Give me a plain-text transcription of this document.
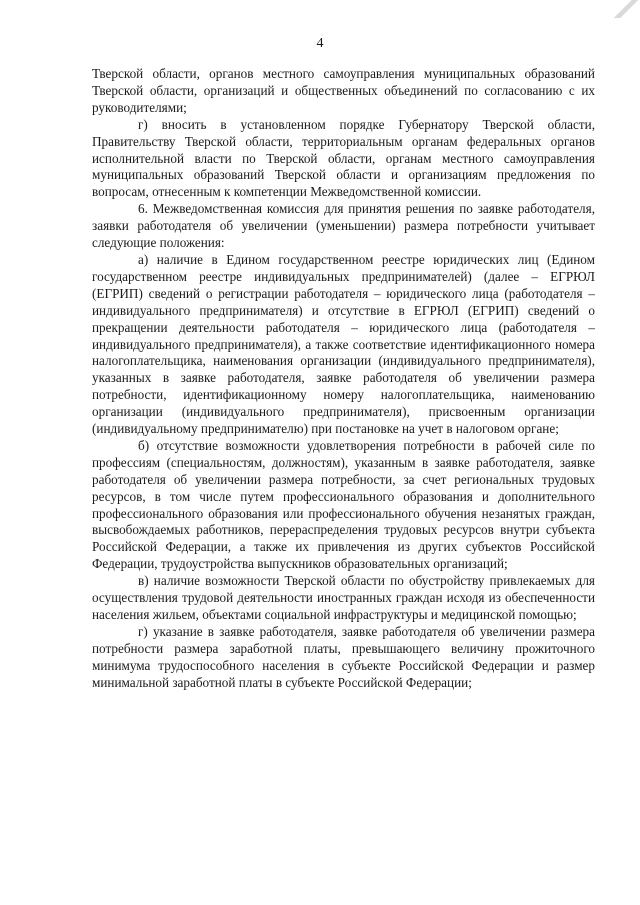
4

Тверской области, органов местного самоуправления муниципальных образований Тверской области, организаций и общественных объединений по согласованию с их руководителями;

г) вносить в установленном порядке Губернатору Тверской области, Правительству Тверской области, территориальным органам федеральных органов исполнительной власти по Тверской области, органам местного самоуправления муниципальных образований Тверской области и организациям предложения по вопросам, отнесенным к компетенции Межведомственной комиссии.

6. Межведомственная комиссия для принятия решения по заявке работодателя, заявки работодателя об увеличении (уменьшении) размера потребности учитывает следующие положения:

а) наличие в Едином государственном реестре юридических лиц (Едином государственном реестре индивидуальных предпринимателей) (далее – ЕГРЮЛ (ЕГРИП) сведений о регистрации работодателя – юридического лица (работодателя – индивидуального предпринимателя) и отсутствие в ЕГРЮЛ (ЕГРИП) сведений о прекращении деятельности работодателя – юридического лица (работодателя – индивидуального предпринимателя), а также соответствие идентификационного номера налогоплательщика, наименования организации (индивидуального предпринимателя), указанных в заявке работодателя, заявке работодателя об увеличении размера потребности, идентификационному номеру налогоплательщика, наименованию организации (индивидуального предпринимателя), присвоенным организации (индивидуальному предпринимателю) при постановке на учет в налоговом органе;

б) отсутствие возможности удовлетворения потребности в рабочей силе по профессиям (специальностям, должностям), указанным в заявке работодателя, заявке работодателя об увеличении размера потребности, за счет региональных трудовых ресурсов, в том числе путем профессионального образования и дополнительного профессионального образования или профессионального обучения незанятых граждан, высвобождаемых работников, перераспределения трудовых ресурсов внутри субъекта Российской Федерации, а также их привлечения из других субъектов Российской Федерации, трудоустройства выпускников образовательных организаций;

в) наличие возможности Тверской области по обустройству привлекаемых для осуществления трудовой деятельности иностранных граждан исходя из обеспеченности населения жильем, объектами социальной инфраструктуры и медицинской помощью;

г) указание в заявке работодателя, заявке работодателя об увеличении размера потребности размера заработной платы, превышающего величину прожиточного минимума трудоспособного населения в субъекте Российской Федерации и размер минимальной заработной платы в субъекте Российской Федерации;
